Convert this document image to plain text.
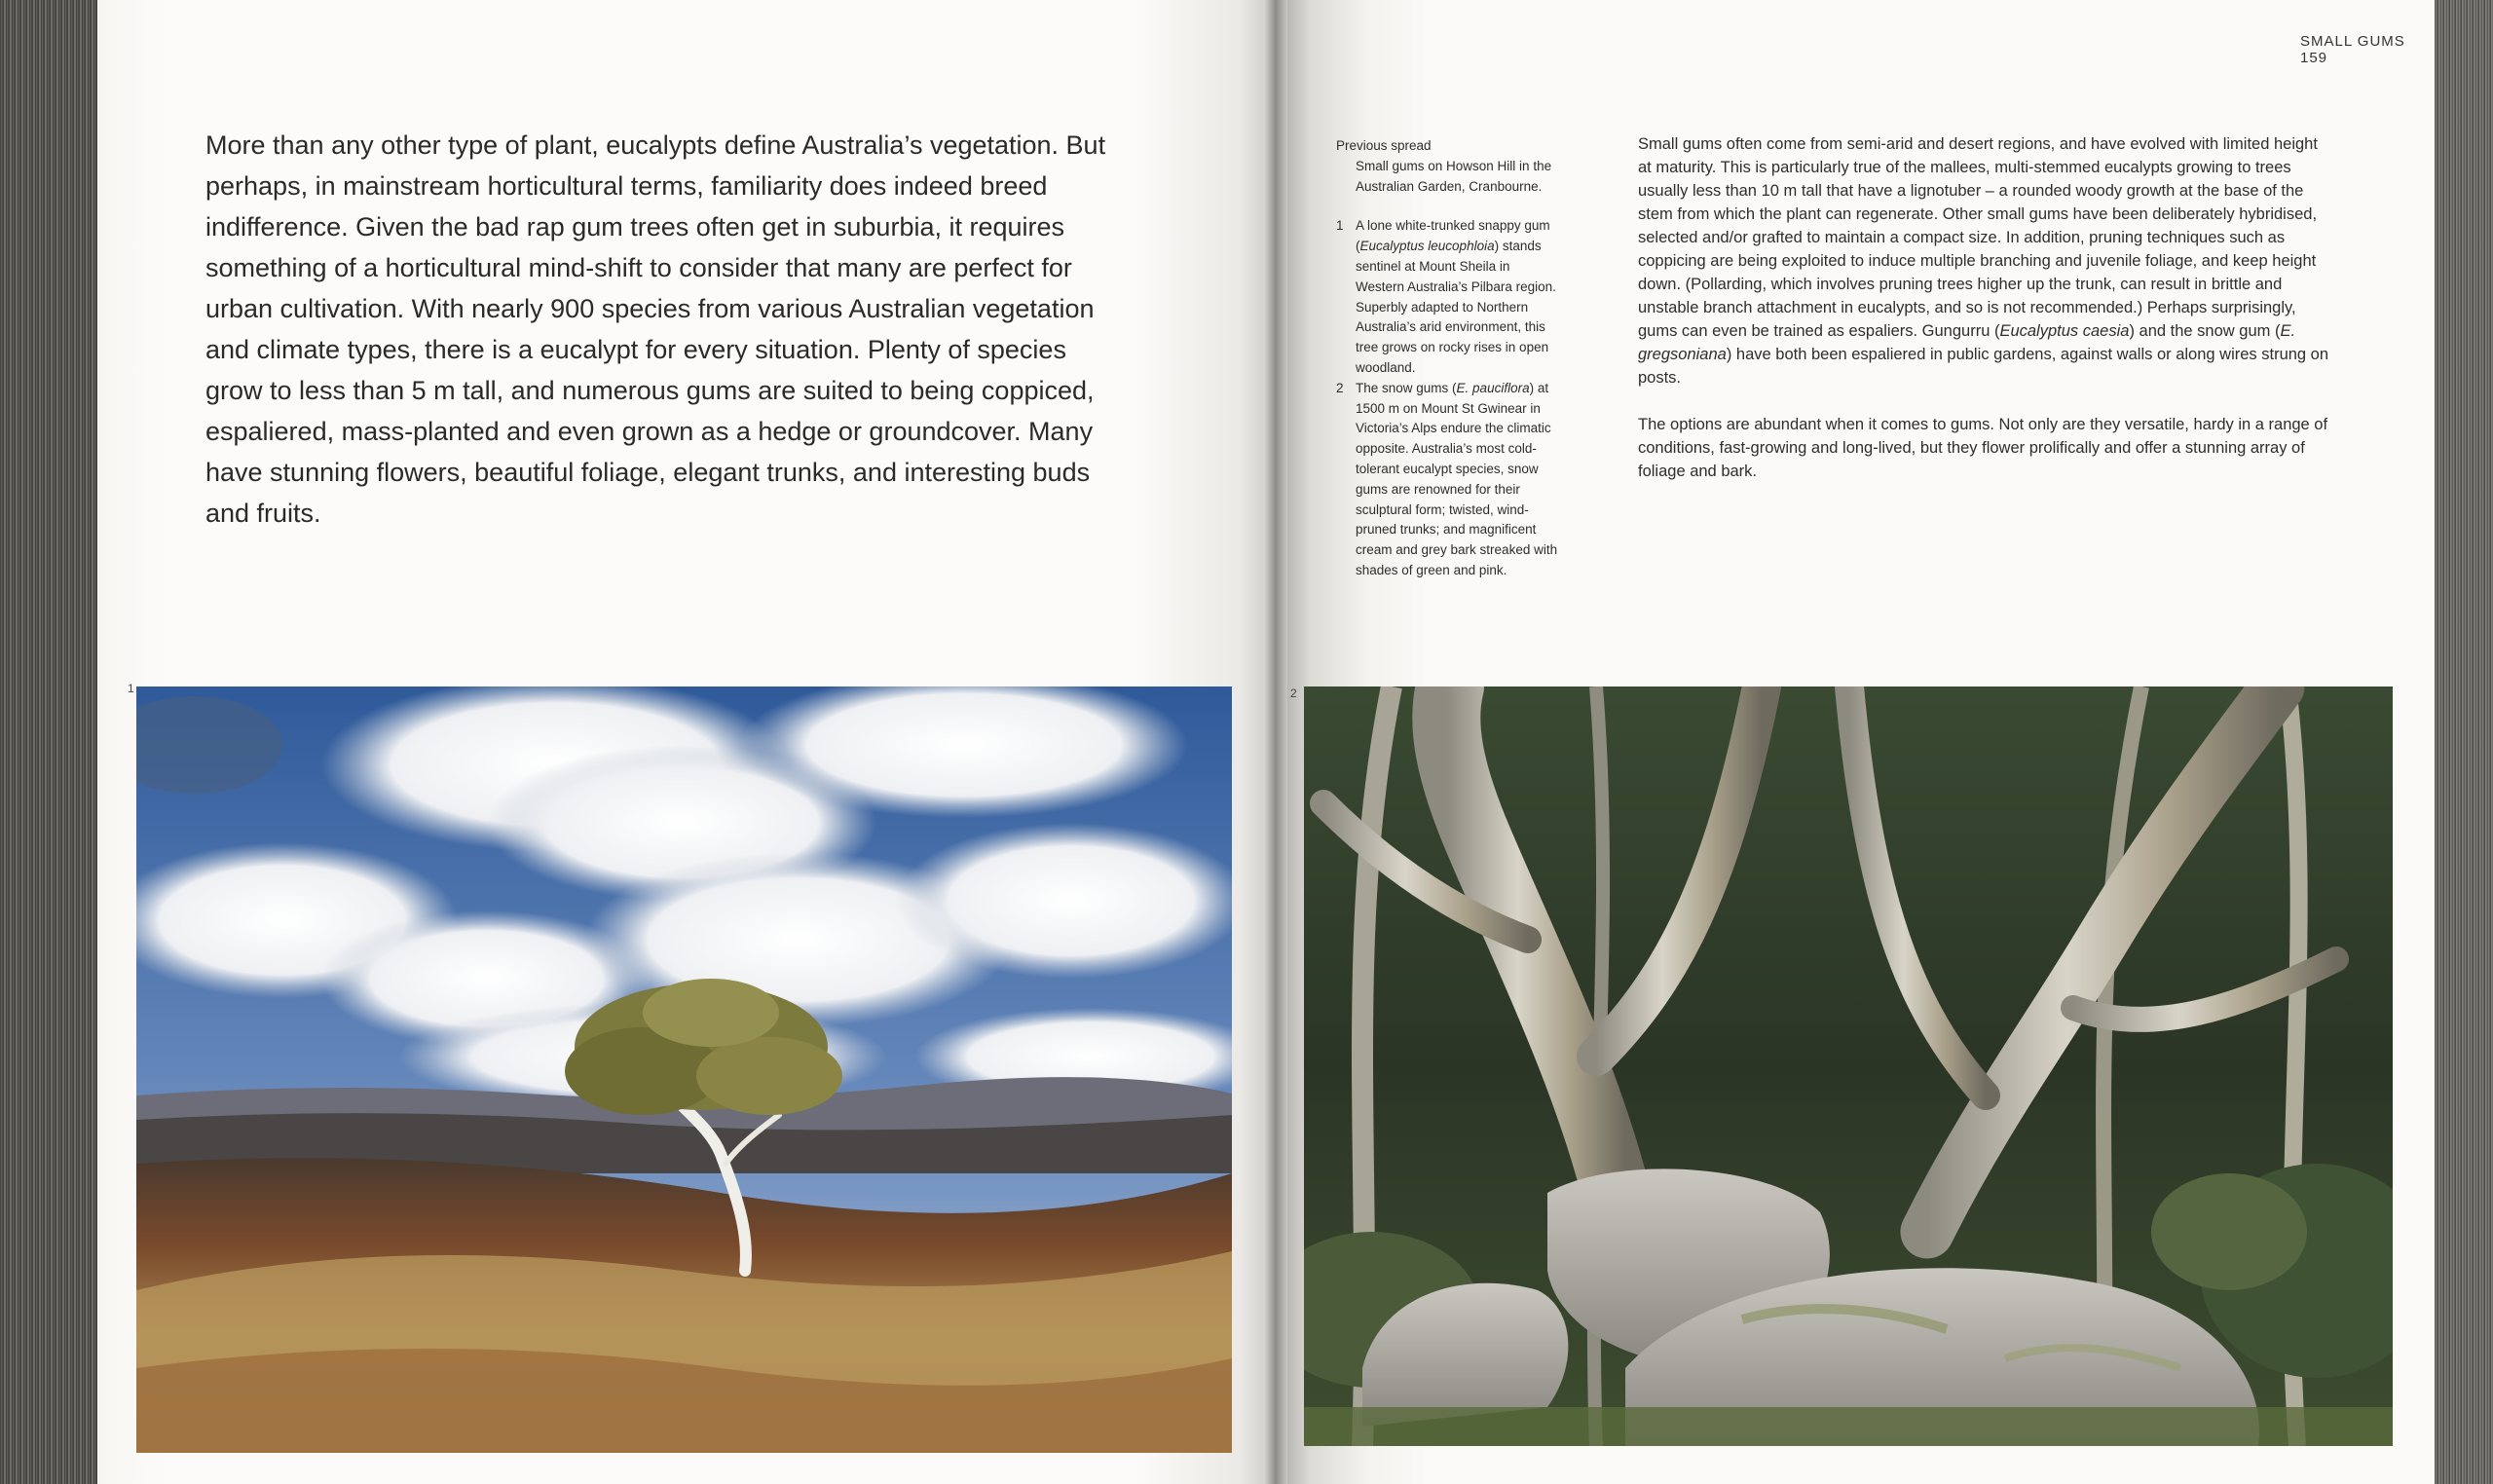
More than any other type of plant, eucalypts define Australia’s vegetation. But perhaps, in mainstream horticultural terms, familiarity does indeed breed indifference. Given the bad rap gum trees often get in suburbia, it requires something of a horticultural mind-shift to consider that many are perfect for urban cultivation. With nearly 900 species from various Australian vegetation and climate types, there is a eucalypt for every situation. Plenty of species grow to less than 5 m tall, and numerous gums are suited to being coppiced, espaliered, mass-planted and even grown as a hedge or groundcover. Many have stunning flowers, beautiful foliage, elegant trunks, and interesting buds and fruits.

SMALL GUMS 159

Previous spread

Small gums on Howson Hill in the Australian Garden, Cranbourne.

1 A lone white-trunked snappy gum (Eucalyptus leucophloia) stands sentinel at Mount Sheila in Western Australia’s Pilbara region. Superbly adapted to Northern Australia’s arid environment, this tree grows on rocky rises in open woodland.
2 The snow gums (E. pauciflora) at 1500 m on Mount St Gwinear in Victoria’s Alps endure the climatic opposite. Australia’s most cold-tolerant eucalypt species, snow gums are renowned for their sculptural form; twisted, wind-pruned trunks; and magnificent cream and grey bark streaked with shades of green and pink.

Small gums often come from semi-arid and desert regions, and have evolved with limited height at maturity. This is particularly true of the mallees, multi-stemmed eucalypts growing to trees usually less than 10 m tall that have a lignotuber – a rounded woody growth at the base of the stem from which the plant can regenerate. Other small gums have been deliberately hybridised, selected and/or grafted to maintain a compact size. In addition, pruning techniques such as coppicing are being exploited to induce multiple branching and juvenile foliage, and keep height down. (Pollarding, which involves pruning trees higher up the trunk, can result in brittle and unstable branch attachment in eucalypts, and so is not recommended.) Perhaps surprisingly, gums can even be trained as espaliers. Gungurru (Eucalyptus caesia) and the snow gum (E. gregsoniana) have both been espaliered in public gardens, against walls or along wires strung on posts.

The options are abundant when it comes to gums. Not only are they versatile, hardy in a range of conditions, fast-growing and long-lived, but they flower prolifically and offer a stunning array of foliage and bark.

1	2
